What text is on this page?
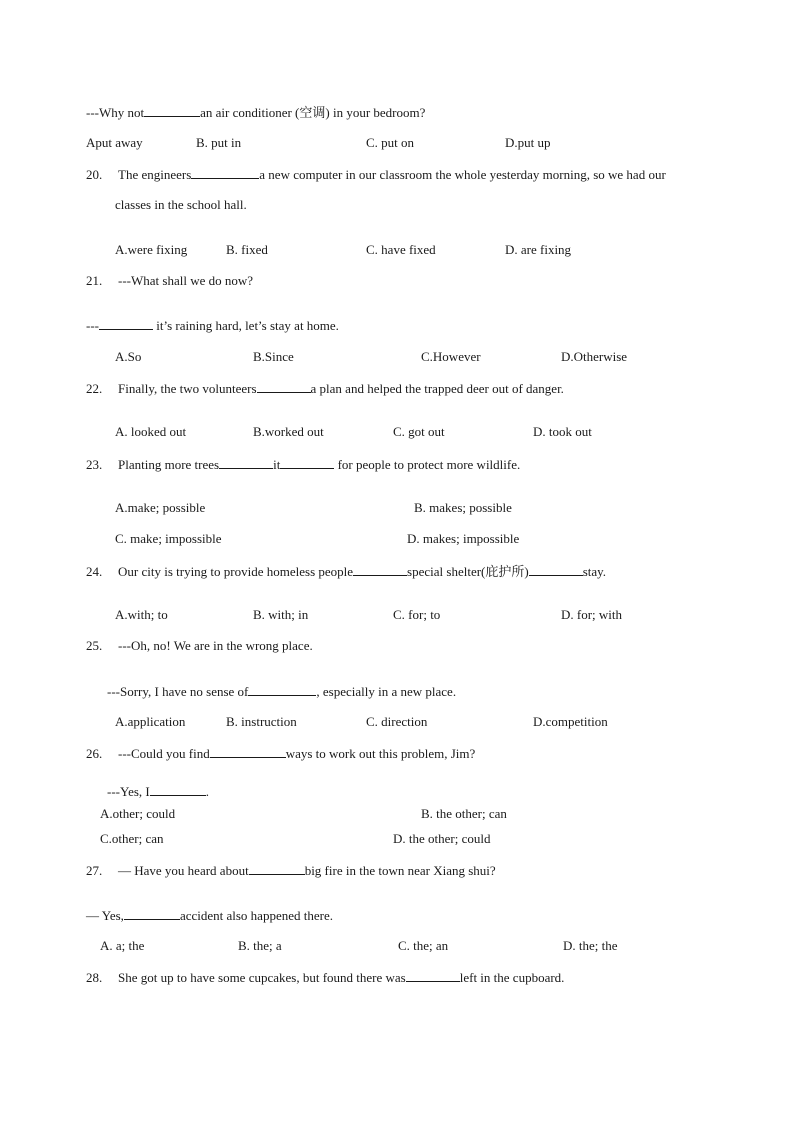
---Why not	an air conditioner (空调) in your bedroom?
Aput away	B. put in	C. put on	D.put up
20. The engineers	a new computer in our classroom the whole yesterday morning, so we had our
classes in the school hall.
A.were fixing	B. fixed	C. have fixed	D. are fixing
21. ---What shall we do now?
---	it’s raining hard, let’s stay at home.
A.So	B.Since	C.However	D.Otherwise
22. Finally, the two volunteers	a plan and helped the trapped deer out of danger.
A. looked out	B.worked out	C. got out	D. took out
23. Planting more trees	it	for people to protect more wildlife.
A.make; possible	B. makes; possible
C. make; impossible	D. makes; impossible
24. Our city is trying to provide homeless people	special shelter(庇护所)	stay.
A.with; to	B. with; in	C. for; to	D. for; with
25. ---Oh, no! We are in the wrong place.
---Sorry, I have no sense of	, especially in a new place.
A.application	B. instruction	C. direction	D.competition
26. ---Could you find	ways to work out this problem, Jim?
---Yes, I	.
A.other; could	B. the other; can
C.other; can	D. the other; could
27. — Have you heard about	big fire in the town near Xiang shui?
— Yes,	accident also happened there.
A. a; the	B. the; a	C. the; an	D. the; the
28. She got up to have some cupcakes, but found there was	left in the cupboard.
